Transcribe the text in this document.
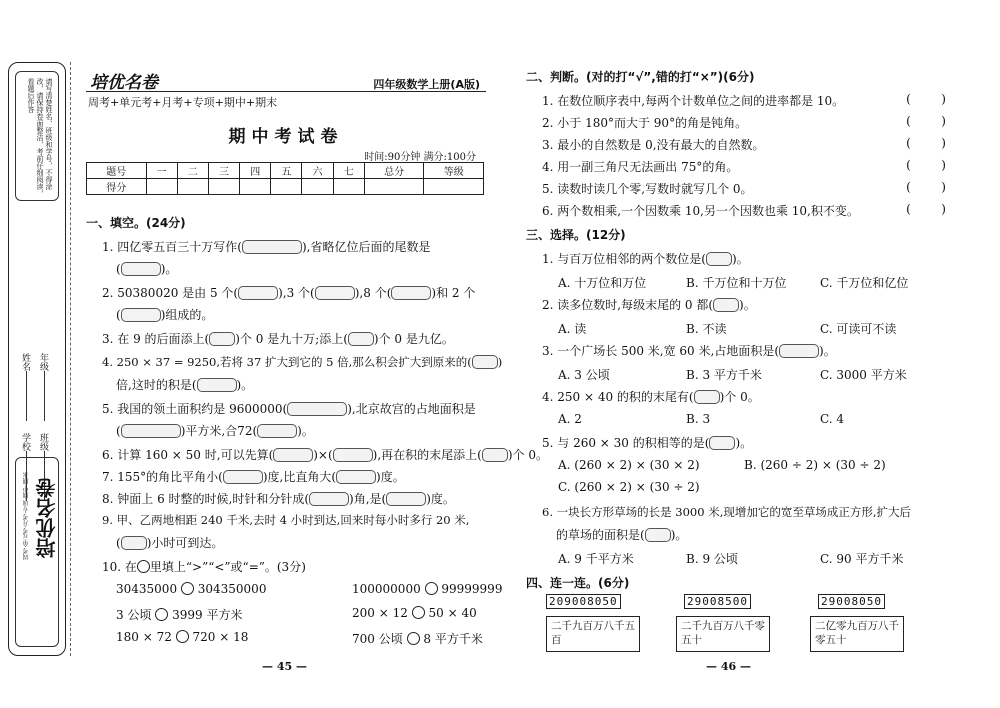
请写清楚姓名、班级和学号，不得涂改，请保持卷面整洁，考前仔细阅读，看题后作答
学校 班级
姓名 年级
培优名卷
周考·单元考·月考·专项·期中·期末
培优名卷	四年级数学上册(A版)
周考+单元考+月考+专项+期中+期末
期中考试卷
时间:90分钟 满分:100分
题号	一	二	三	四	五	六	七	总分	等级
得分									
一、填空。(24分)
1. 四亿零五百三十万写作(	),省略亿位后面的尾数是
(	)。
2. 50380020 是由 5 个(	),3 个(	),8 个(	)和 2 个
(	)组成的。
3. 在 9 的后面添上( )个 0 是九十万;添上( )个 0 是九亿。
4. 250 × 37 = 9250,若将 37 扩大到它的 5 倍,那么积会扩大到原来的( )
倍,这时的积是(	)。
5. 我国的领土面积约是 9600000(	),北京故宫的占地面积是
(	)平方米,合72(	)。
6. 计算 160 × 50 时,可以先算(	)×(	),再在积的末尾添上( )个 0。
7. 155°的角比平角小(	)度,比直角大(	)度。
8. 钟面上 6 时整的时候,时针和分针成(	)角,是(	)度。
9. 甲、乙两地相距 240 千米,去时 4 小时到达,回来时每小时多行 20 米,
( )小时可到达。
10. 在 里填上“>”“<”或“=”。(3分)
30435000 304350000	100000000 99999999
3 公顷 3999 平方米	200 × 12 50 × 40
180 × 72 720 × 18	700 公顷 8 平方千米
— 45 —
二、判断。(对的打“√”,错的打“×”)(6分)
1. 在数位顺序表中,每两个计数单位之间的进率都是 10。	(        )
2. 小于 180°而大于 90°的角是钝角。	(        )
3. 最小的自然数是 0,没有最大的自然数。	(        )
4. 用一副三角尺无法画出 75°的角。	(        )
5. 读数时读几个零,写数时就写几个 0。	(        )
6. 两个数相乘,一个因数乘 10,另一个因数也乘 10,积不变。	(        )
三、选择。(12分)
1. 与百万位相邻的两个数位是( )。
A. 十万位和万位	B. 千万位和十万位	C. 千万位和亿位
2. 读多位数时,每级末尾的 0 都( )。
A. 读	B. 不读	C. 可读可不读
3. 一个广场长 500 米,宽 60 米,占地面积是(	)。
A. 3 公顷	B. 3 平方千米	C. 3000 平方米
4. 250 × 40 的积的末尾有( )个 0。
A. 2	B. 3	C. 4
5. 与 260 × 30 的积相等的是( )。
A. (260 × 2) × (30 × 2)	B. (260 ÷ 2) × (30 ÷ 2)
C. (260 × 2) × (30 ÷ 2)
6. 一块长方形草场的长是 3000 米,现增加它的宽至草场成正方形,扩大后
的草场的面积是( )。
A. 9 千平方米	B. 9 公顷	C. 90 平方千米
四、连一连。(6分)
209008050	29008500	29008050
二千九百万八千五百
二千九百万八千零五十
二亿零九百万八千零五十
— 46 —
